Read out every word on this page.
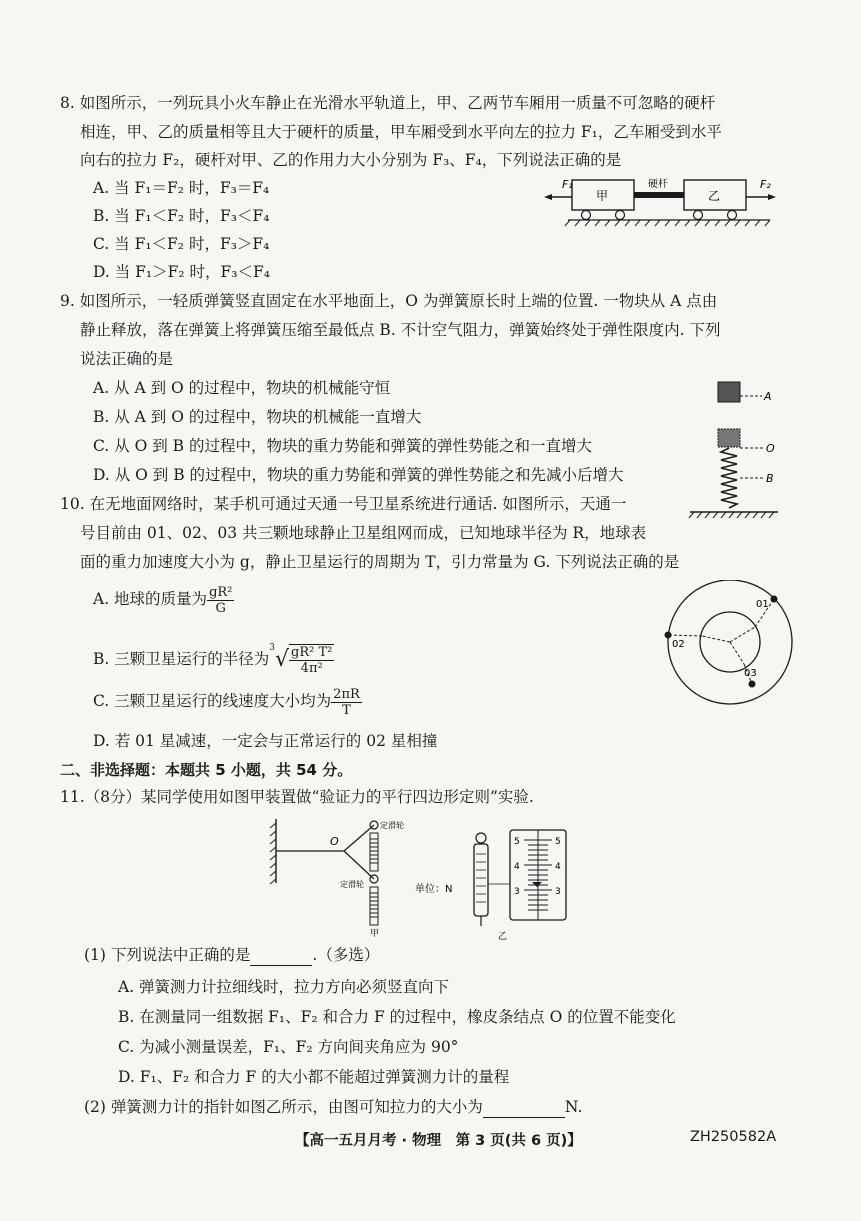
8. 如图所示，一列玩具小火车静止在光滑水平轨道上，甲、乙两节车厢用一质量不可忽略的硬杆
相连，甲、乙的质量相等且大于硬杆的质量，甲车厢受到水平向左的拉力 F₁，乙车厢受到水平
向右的拉力 F₂，硬杆对甲、乙的作用力大小分别为 F₃、F₄，下列说法正确的是
A. 当 F₁＝F₂ 时，F₃＝F₄
B. 当 F₁＜F₂ 时，F₃＜F₄
C. 当 F₁＜F₂ 时，F₃＞F₄
D. 当 F₁＞F₂ 时，F₃＜F₄
F₁
甲
硬杆
乙
F₂
9. 如图所示，一轻质弹簧竖直固定在水平地面上，O 为弹簧原长时上端的位置. 一物块从 A 点由
静止释放，落在弹簧上将弹簧压缩至最低点 B. 不计空气阻力，弹簧始终处于弹性限度内. 下列
说法正确的是
A. 从 A 到 O 的过程中，物块的机械能守恒
B. 从 A 到 O 的过程中，物块的机械能一直增大
C. 从 O 到 B 的过程中，物块的重力势能和弹簧的弹性势能之和一直增大
D. 从 O 到 B 的过程中，物块的重力势能和弹簧的弹性势能之和先减小后增大
A
O
B
10. 在无地面网络时，某手机可通过天通一号卫星系统进行通话. 如图所示，天通一
号目前由 01、02、03 共三颗地球静止卫星组网而成，已知地球半径为 R，地球表
面的重力加速度大小为 g，静止卫星运行的周期为 T，引力常量为 G. 下列说法正确的是
A. 地球的质量为 $\frac{\text{gR²}}{G}$
B. 三颗卫星运行的半径为$^3√ \frac{\text{gR² T²}}{\text{4π²}}$
C. 三颗卫星运行的线速度大小均为 $\frac{2\pi R}{T}$
D. 若 01 星减速，一定会与正常运行的 02 星相撞
01
02
03
二、非选择题：本题共 5 小题，共 54 分。
11.（8分）某同学使用如图甲装置做“验证力的平行四边形定则”实验.
O
定滑轮
定滑轮
甲
单位：N
乙
5
4
3
5
4
3
(1) 下列说法中正确的是	.（多选）
A. 弹簧测力计拉细线时，拉力方向必须竖直向下
B. 在测量同一组数据 F₁、F₂ 和合力 F 的过程中，橡皮条结点 O 的位置不能变化
C. 为减小测量误差，F₁、F₂ 方向间夹角应为 90°
D. F₁、F₂ 和合力 F 的大小都不能超过弹簧测力计的量程
(2) 弹簧测力计的指针如图乙所示，由图可知拉力的大小为	N.
【高一五月月考 · 物理　第 3 页(共 6 页)】	ZH250582A
